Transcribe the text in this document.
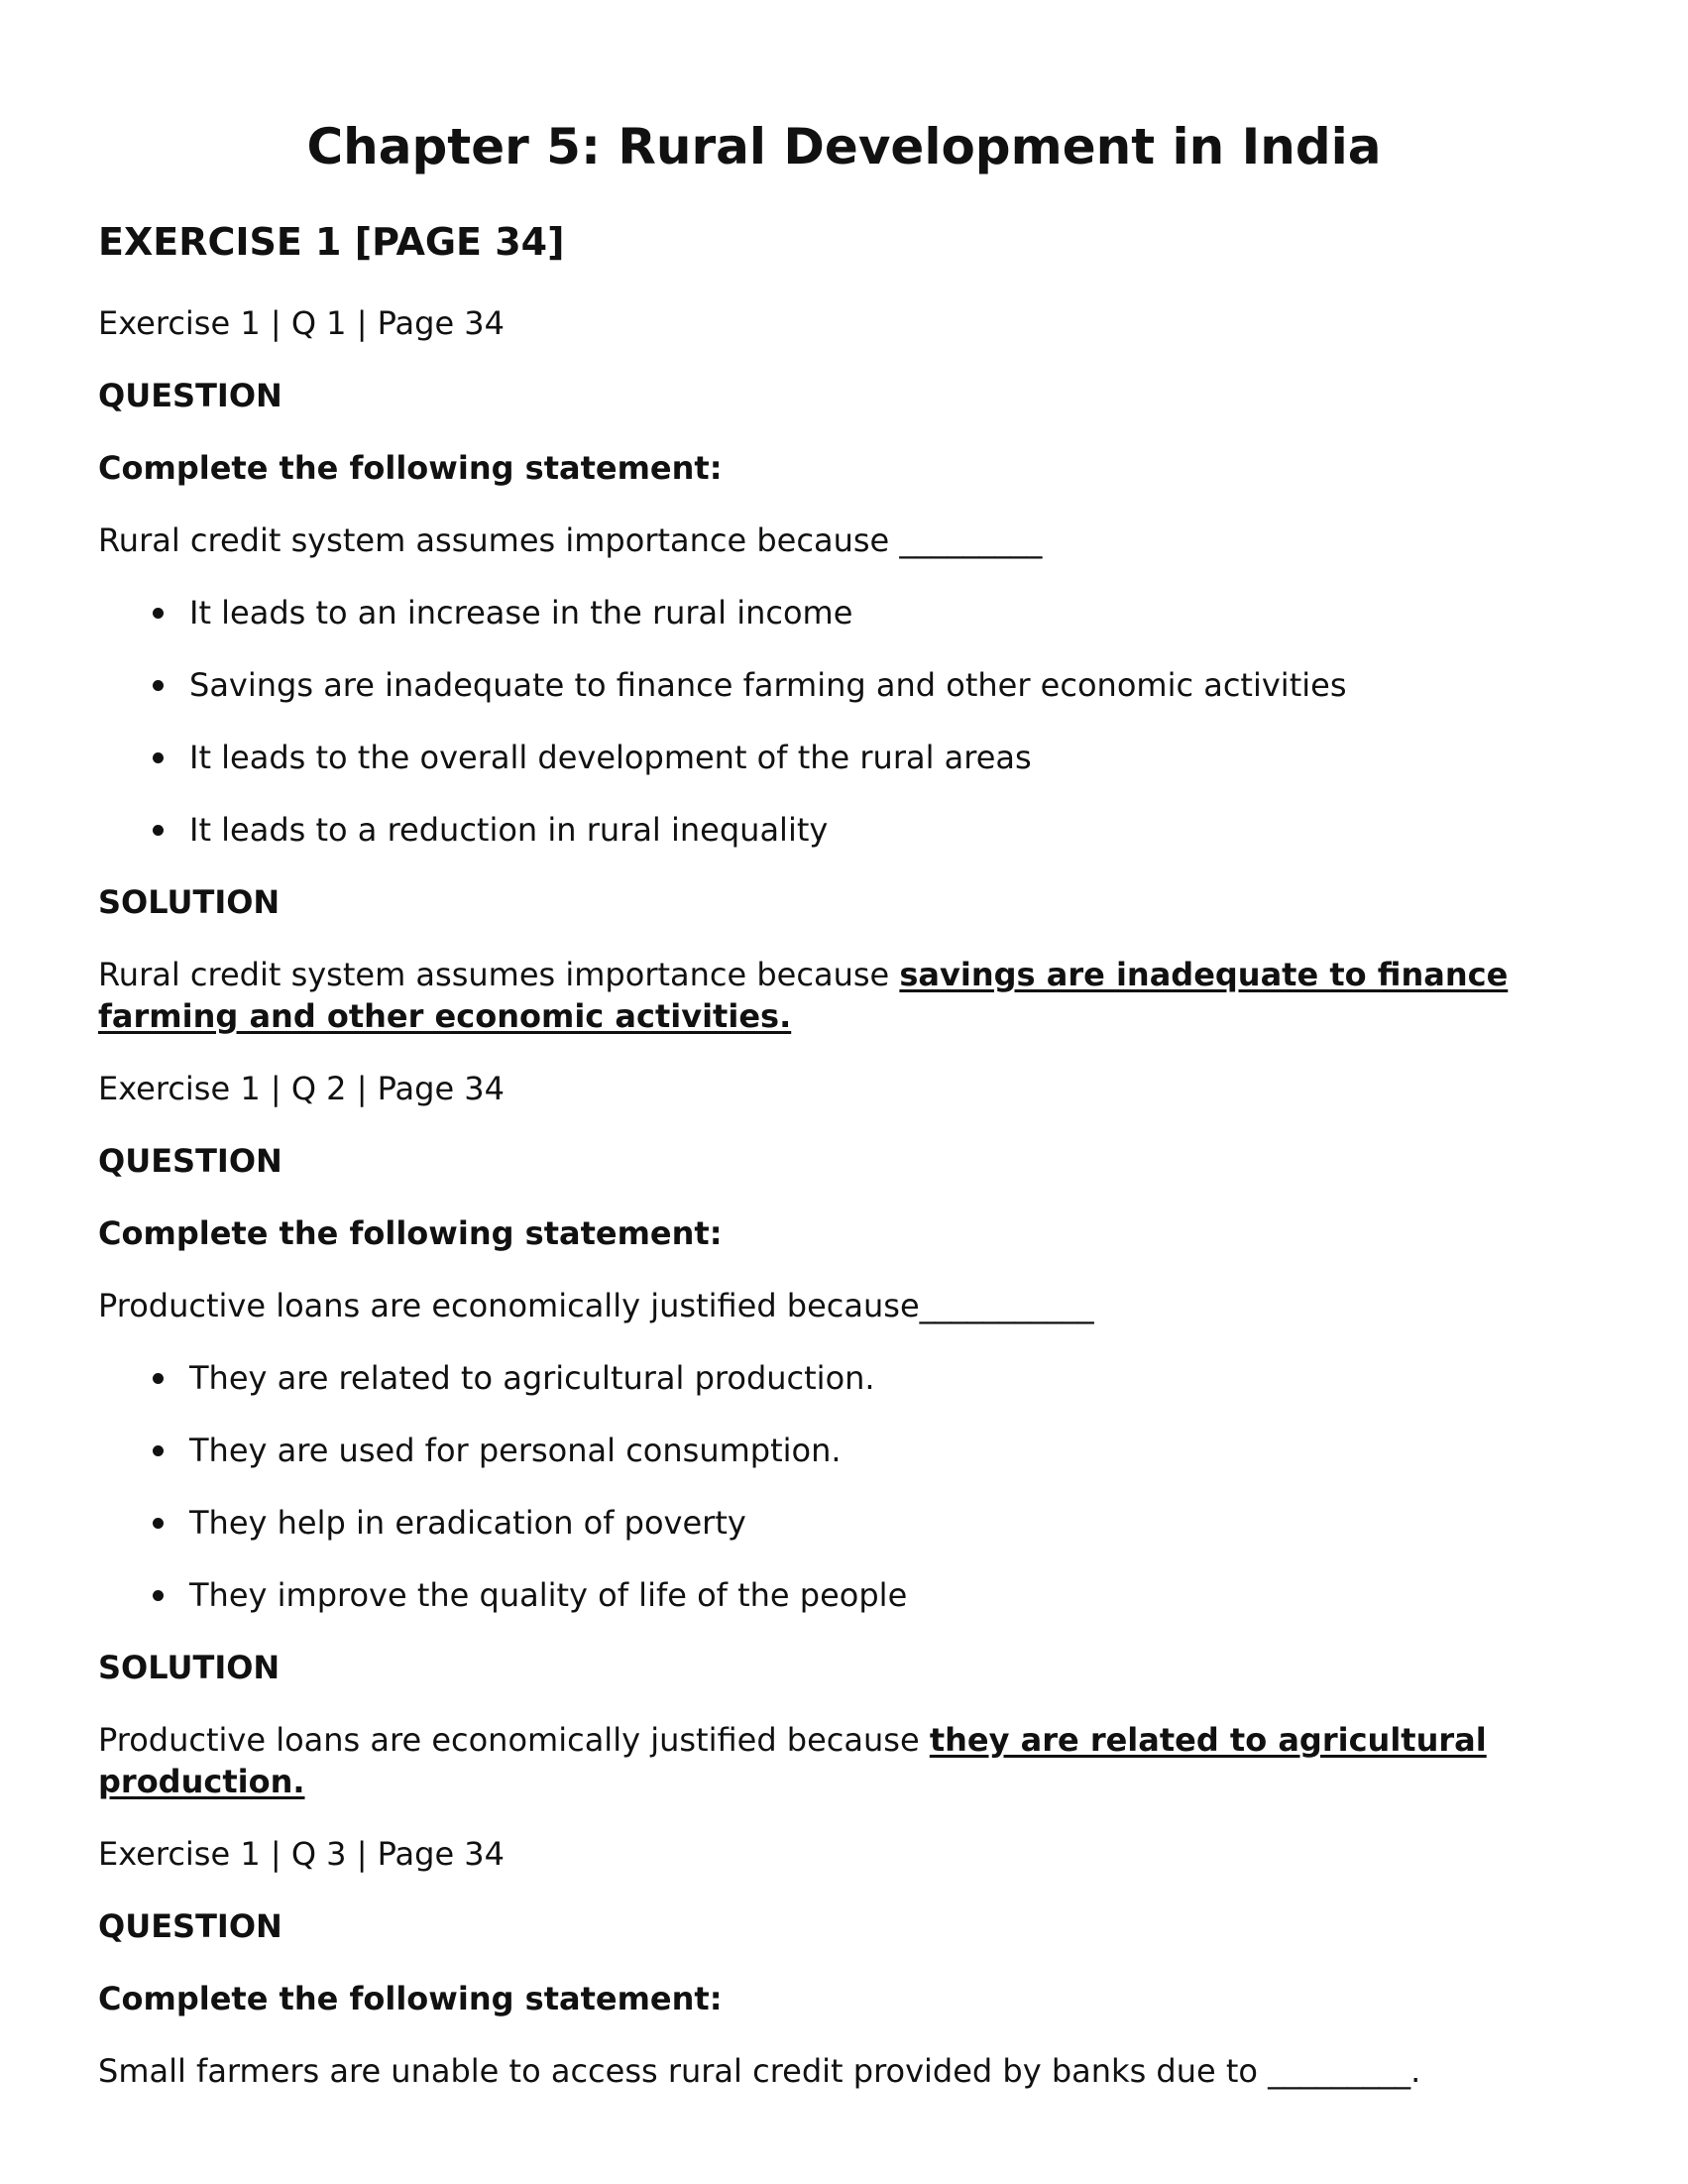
Chapter 5: Rural Development in India
EXERCISE 1 [PAGE 34]

Exercise 1 | Q 1 | Page 34

QUESTION

Complete the following statement:

Rural credit system assumes importance because _________

It leads to an increase in the rural income
Savings are inadequate to finance farming and other economic activities
It leads to the overall development of the rural areas
It leads to a reduction in rural inequality

SOLUTION

Rural credit system assumes importance because savings are inadequate to finance farming and other economic activities.

Exercise 1 | Q 2 | Page 34

QUESTION

Complete the following statement:

Productive loans are economically justified because___________

They are related to agricultural production.
They are used for personal consumption.
They help in eradication of poverty
They improve the quality of life of the people

SOLUTION

Productive loans are economically justified because they are related to agricultural production.

Exercise 1 | Q 3 | Page 34

QUESTION

Complete the following statement:

Small farmers are unable to access rural credit provided by banks due to _________.
